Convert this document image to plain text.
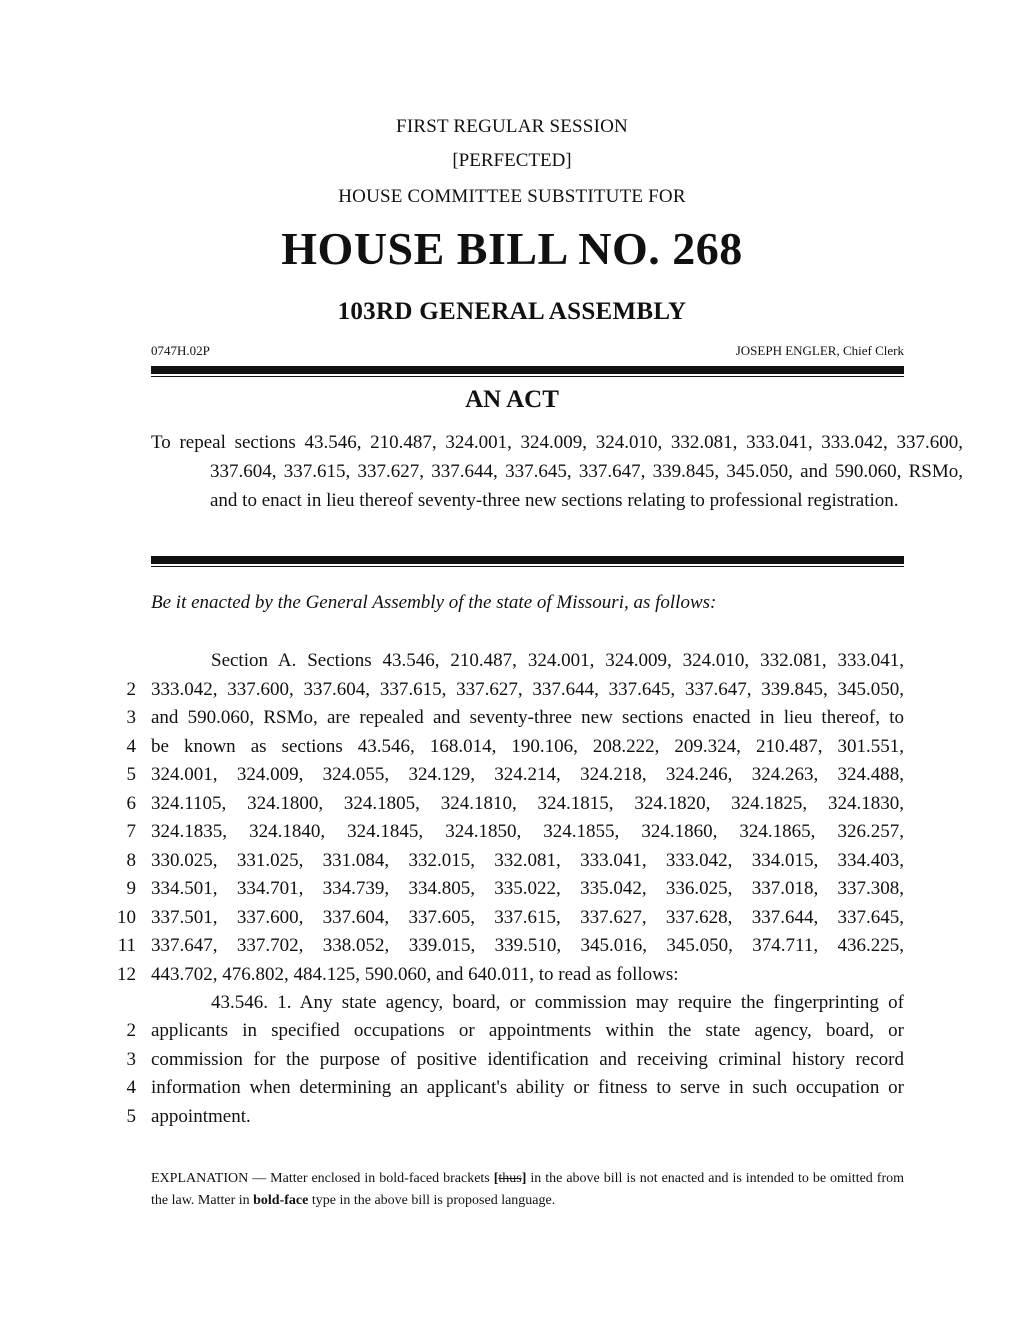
FIRST REGULAR SESSION
[PERFECTED]
HOUSE COMMITTEE SUBSTITUTE FOR
HOUSE BILL NO. 268
103RD GENERAL ASSEMBLY
0747H.02P	JOSEPH ENGLER, Chief Clerk
AN ACT
To repeal sections 43.546, 210.487, 324.001, 324.009, 324.010, 332.081, 333.041, 333.042, 337.600, 337.604, 337.615, 337.627, 337.644, 337.645, 337.647, 339.845, 345.050, and 590.060, RSMo, and to enact in lieu thereof seventy-three new sections relating to professional registration.
Be it enacted by the General Assembly of the state of Missouri, as follows:
Section A. Sections 43.546, 210.487, 324.001, 324.009, 324.010, 332.081, 333.041,
2 333.042, 337.600, 337.604, 337.615, 337.627, 337.644, 337.645, 337.647, 339.845, 345.050,
3 and 590.060, RSMo, are repealed and seventy-three new sections enacted in lieu thereof, to
4 be known as sections 43.546, 168.014, 190.106, 208.222, 209.324, 210.487, 301.551,
5 324.001, 324.009, 324.055, 324.129, 324.214, 324.218, 324.246, 324.263, 324.488,
6 324.1105, 324.1800, 324.1805, 324.1810, 324.1815, 324.1820, 324.1825, 324.1830,
7 324.1835, 324.1840, 324.1845, 324.1850, 324.1855, 324.1860, 324.1865, 326.257,
8 330.025, 331.025, 331.084, 332.015, 332.081, 333.041, 333.042, 334.015, 334.403,
9 334.501, 334.701, 334.739, 334.805, 335.022, 335.042, 336.025, 337.018, 337.308,
10 337.501, 337.600, 337.604, 337.605, 337.615, 337.627, 337.628, 337.644, 337.645,
11 337.647, 337.702, 338.052, 339.015, 339.510, 345.016, 345.050, 374.711, 436.225,
12 443.702, 476.802, 484.125, 590.060, and 640.011, to read as follows:
43.546. 1. Any state agency, board, or commission may require the fingerprinting of
2 applicants in specified occupations or appointments within the state agency, board, or
3 commission for the purpose of positive identification and receiving criminal history record
4 information when determining an applicant's ability or fitness to serve in such occupation or
5 appointment.
EXPLANATION — Matter enclosed in bold-faced brackets [thus] in the above bill is not enacted and is intended to be omitted from the law. Matter in bold-face type in the above bill is proposed language.
